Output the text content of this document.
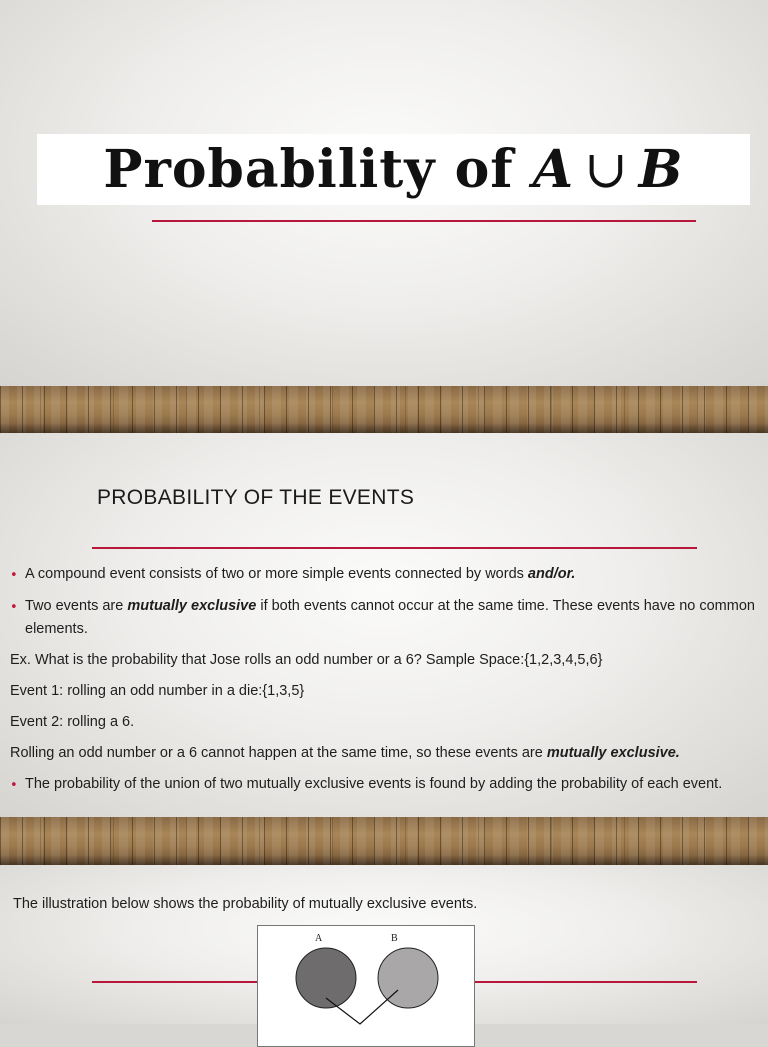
Probability of A ∪ B
PROBABILITY OF THE EVENTS
• A compound event consists of two or more simple events connected by words and/or.
• Two events are mutually exclusive if both events cannot occur at the same time. These events have no common
elements.
Ex. What is the probability that Jose rolls an odd number or a 6? Sample Space:{1,2,3,4,5,6}
Event 1: rolling an odd number in a die:{1,3,5}
Event 2: rolling a 6.
Rolling an odd number or a 6 cannot happen at the same time, so these events are mutually exclusive.
• The probability of the union of two mutually exclusive events is found by adding the probability of each event.
The illustration below shows the probability of mutually exclusive events.
A	B
